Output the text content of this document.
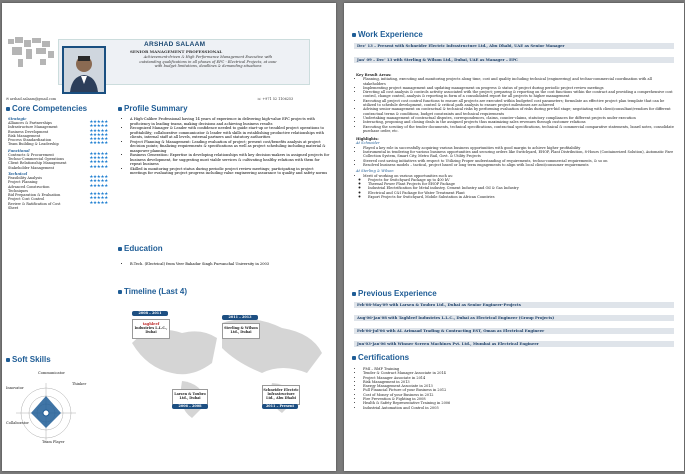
ARSHAD SALAAM
SENIOR MANAGEMENT PROFESSIONAL
Achievement-driven & High Performance Management Executive with
outstanding qualifications in all phases of EPC - Electrical Projects, at ease
with budget limitations, deadlines & demanding situations
✉ arshad.salaam@gmail.com	☏ +971 52 1106253
Core Competencies
Strategic
Alliances & Partnerships	★★★★★
Infrastructure Management	★★★★★
Business Development	★★★★★
Risk Management	★★★★★
Process Standardization	★★★★★
Team Building & Leadership	★★★★★
Functional
Contracts & Procurement	★★★★★
Techno-Commercial Operations	★★★★★
Client Relationship Management	★★★★★
Stakeholder Management	★★★★★
Technical
Feasibility Analysis	★★★★★
Project Planning	★★★★★
Advanced Construction Techniques
★★★★★
Bid Preparation & Evaluation	★★★★★
Project Cost Control	★★★★★
Review & Ratification of Cost Sheet
★★★★★
Profile Summary
• A High-Calibre Professional having 14 years of experience in delivering high-value EPC projects with proficiency in leading teams, making decisions and achieving business results
• Recognized Manager & Leader with confidence needed to guide start-up or troubled project operations to profitability; collaborative communicator & leader with skills in establishing productive relationships with clients, internal staff at all levels, external partners and statutory authorities
• Project Planning & Management: Leading evaluation of project; present cost/benefits analysis at project decision points; finalizing requirements & specifications as well as project scheduling including material & manpower planning
• Business Generation: Expertise in developing relationships with key decision-makers in assigned projects for business development, for suggesting most viable services & cultivating healthy relations with them for repeat business
• Skilled in monitoring project status during periodic project review meetings; participating in project meetings for evaluating project progress including value engineering assurance to quality and safety norms
Education
• B.Tech. (Electrical) from Veer Bahadur Singh Purvanchal University in 2003
Timeline (Last 4)
2008 – 2011
taghleef
Industries L.L.C., Dubai
2011 – 2013
Sterling & Wilson Ltd., Dubai
Larsen & Toubro Ltd., Dubai
2006 – 2008
Schneider Electric Infrastructure Ltd., Abu Dhabi
2011 – Present
Soft Skills
Communicator
Thinker
Innovator
Collaborator
Team Player
Work Experience
Dec' 13 – Present with Schneider Electric Infrastructure Ltd., Abu Dhabi, UAE as Senior Manager
Jan' 09 – Dec' 13 with Sterling & Wilson Ltd., Dubai, UAE as Manager – EPC
Key Result Areas:
• Planning, initiating, executing and monitoring projects along time, cost and quality including technical (engineering) and techno-commercial coordination with all stakeholders
• Implementing project management and updating management on progress & status of project during periodic project review meetings
• Directing all cost analysis & controls activity associated with the project; preparing & reporting on the cost functions within the contract and providing a comprehensive cost control, change control, analysis & reporting in form of a consolidated report for all projects to higher management
• Executing all project cost control functions to ensure all projects are executed within budgeted cost parameters; formulate an effective project plan template that can be utilized to schedule development, control & critical path analysis to ensure project milestones are achieved
• Advising senior management on contractual & technical risks by performing evaluation of risks during pre-bid stage; negotiating with client/consultant/vendors for different contractual terms & conditions, budget constraints and technical requirements
• Undertaking management of contractual disputes, correspondences, claims, counter-claims, statutory compliances for different projects under execution
• Interacting, proposing and closing deals in the assigned projects thus maximizing sales revenues through customer relations
• Executing the scrutiny of the tender documents, technical specifications, contractual specifications, technical & commercial comparative statements, board notes, consolidate purchase order, etc.
Highlights:
At Schneider
• Played a key role in successfully acquiring various business opportunities with good margin to achieve higher profitability
• Instrumental in tendering for various business opportunities and securing orders like Switchyard, EHOP, Plant Distribution, 8-Hours (Containerized Solution), Automatic Fare Collection System, Smart City, Metro Rail, Govt. & Utility Projects
• Steered cost saving initiatives with respect to Utilizing Proper understanding of requirements, techno-commercial requirements, & so on
• Resolved business models – tactical, project based or long term engagements to align with local client/consumer requirements
At Sterling & Wilson
• Merit of working on various opportunities such as:
◦ Projects for Switchyard Package up to 400 kV
◦ Thermal Power Plant Projects for EHOP Package
◦ Industrial Electrification for Metal industry, Cement Industry and Oil & Gas Industry
◦ Electrical and C&I Package for Water Treatment Plant
◦ Export Projects for Switchyard, Mobile Substation in African Countries
Previous Experience
Feb'08-May'09 with Larsen & Toubro Ltd., Dubai as Senior Engineer-Projects
Aug'06-Jan'08 with Taghleef Industries L.L.C., Dubai as Electrical Engineer (Group Projects)
Feb'06-Jul'06 with AL Arimaad Trading & Contracting EST, Oman as Electrical Engineer
Jun'03-Jan'06 with Winner Screen Machines Pvt. Ltd., Mumbai as Electrical Engineer
Certifications
• PMI – RMP Training
• Tender & Contract Manager Associate in 2014
• Project Manager Associate in 2014
• Risk Management in 2013
• Energy Management Associate in 2013
• Full Financial Picture of your Business in 2012
• Cost of Money of your Business in 2012
• Fire Prevention & Fighting in 2008
• Health & Safety Representative Training in 2006
• Industrial Automation and Control in 2005
